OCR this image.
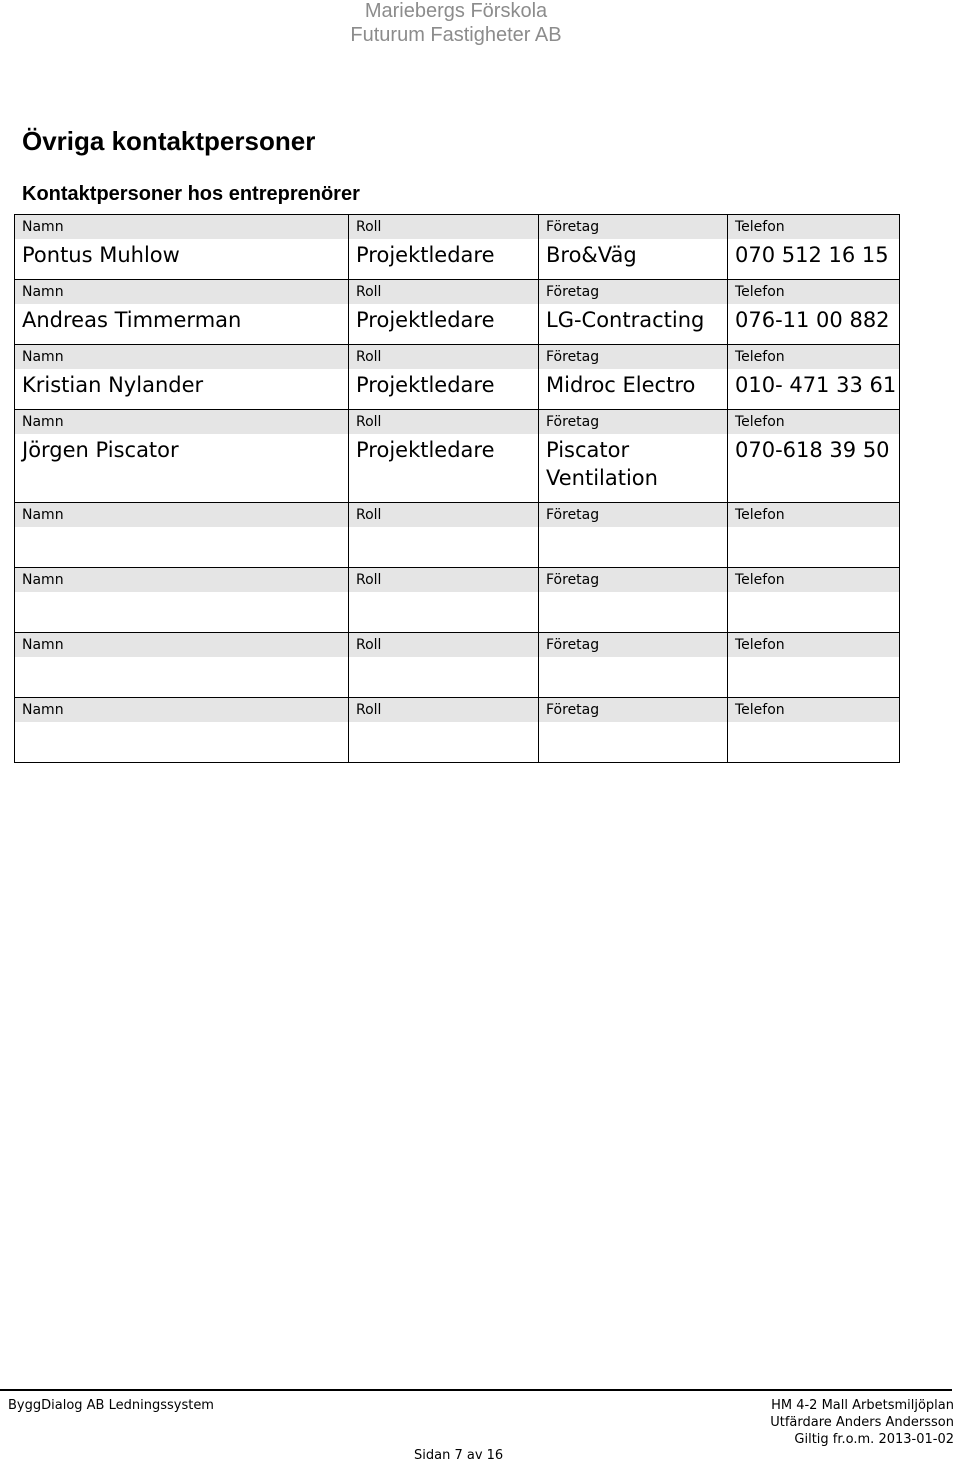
Mariebergs Förskola
Futurum Fastigheter AB
Övriga kontaktpersoner
Kontaktpersoner hos entreprenörer
Namn	Roll	Företag	Telefon

Pontus Muhlow	Projektledare	Bro&Väg	070 512 16 15

Namn	Roll	Företag	Telefon

Andreas Timmerman	Projektledare	LG-Contracting	076-11 00 882

Namn	Roll	Företag	Telefon

Kristian Nylander	Projektledare	Midroc Electro	010- 471 33 61

Namn	Roll	Företag	Telefon

Jörgen Piscator	Projektledare	Piscator Ventilation	070-618 39 50

Namn	Roll	Företag	Telefon

Namn	Roll	Företag	Telefon

Namn	Roll	Företag	Telefon

Namn	Roll	Företag	Telefon

ByggDialog AB Ledningssystem	HM 4-2 Mall Arbetsmiljöplan
Utfärdare Anders Andersson
Giltig fr.o.m. 2013-01-02
Sidan 7 av 16
